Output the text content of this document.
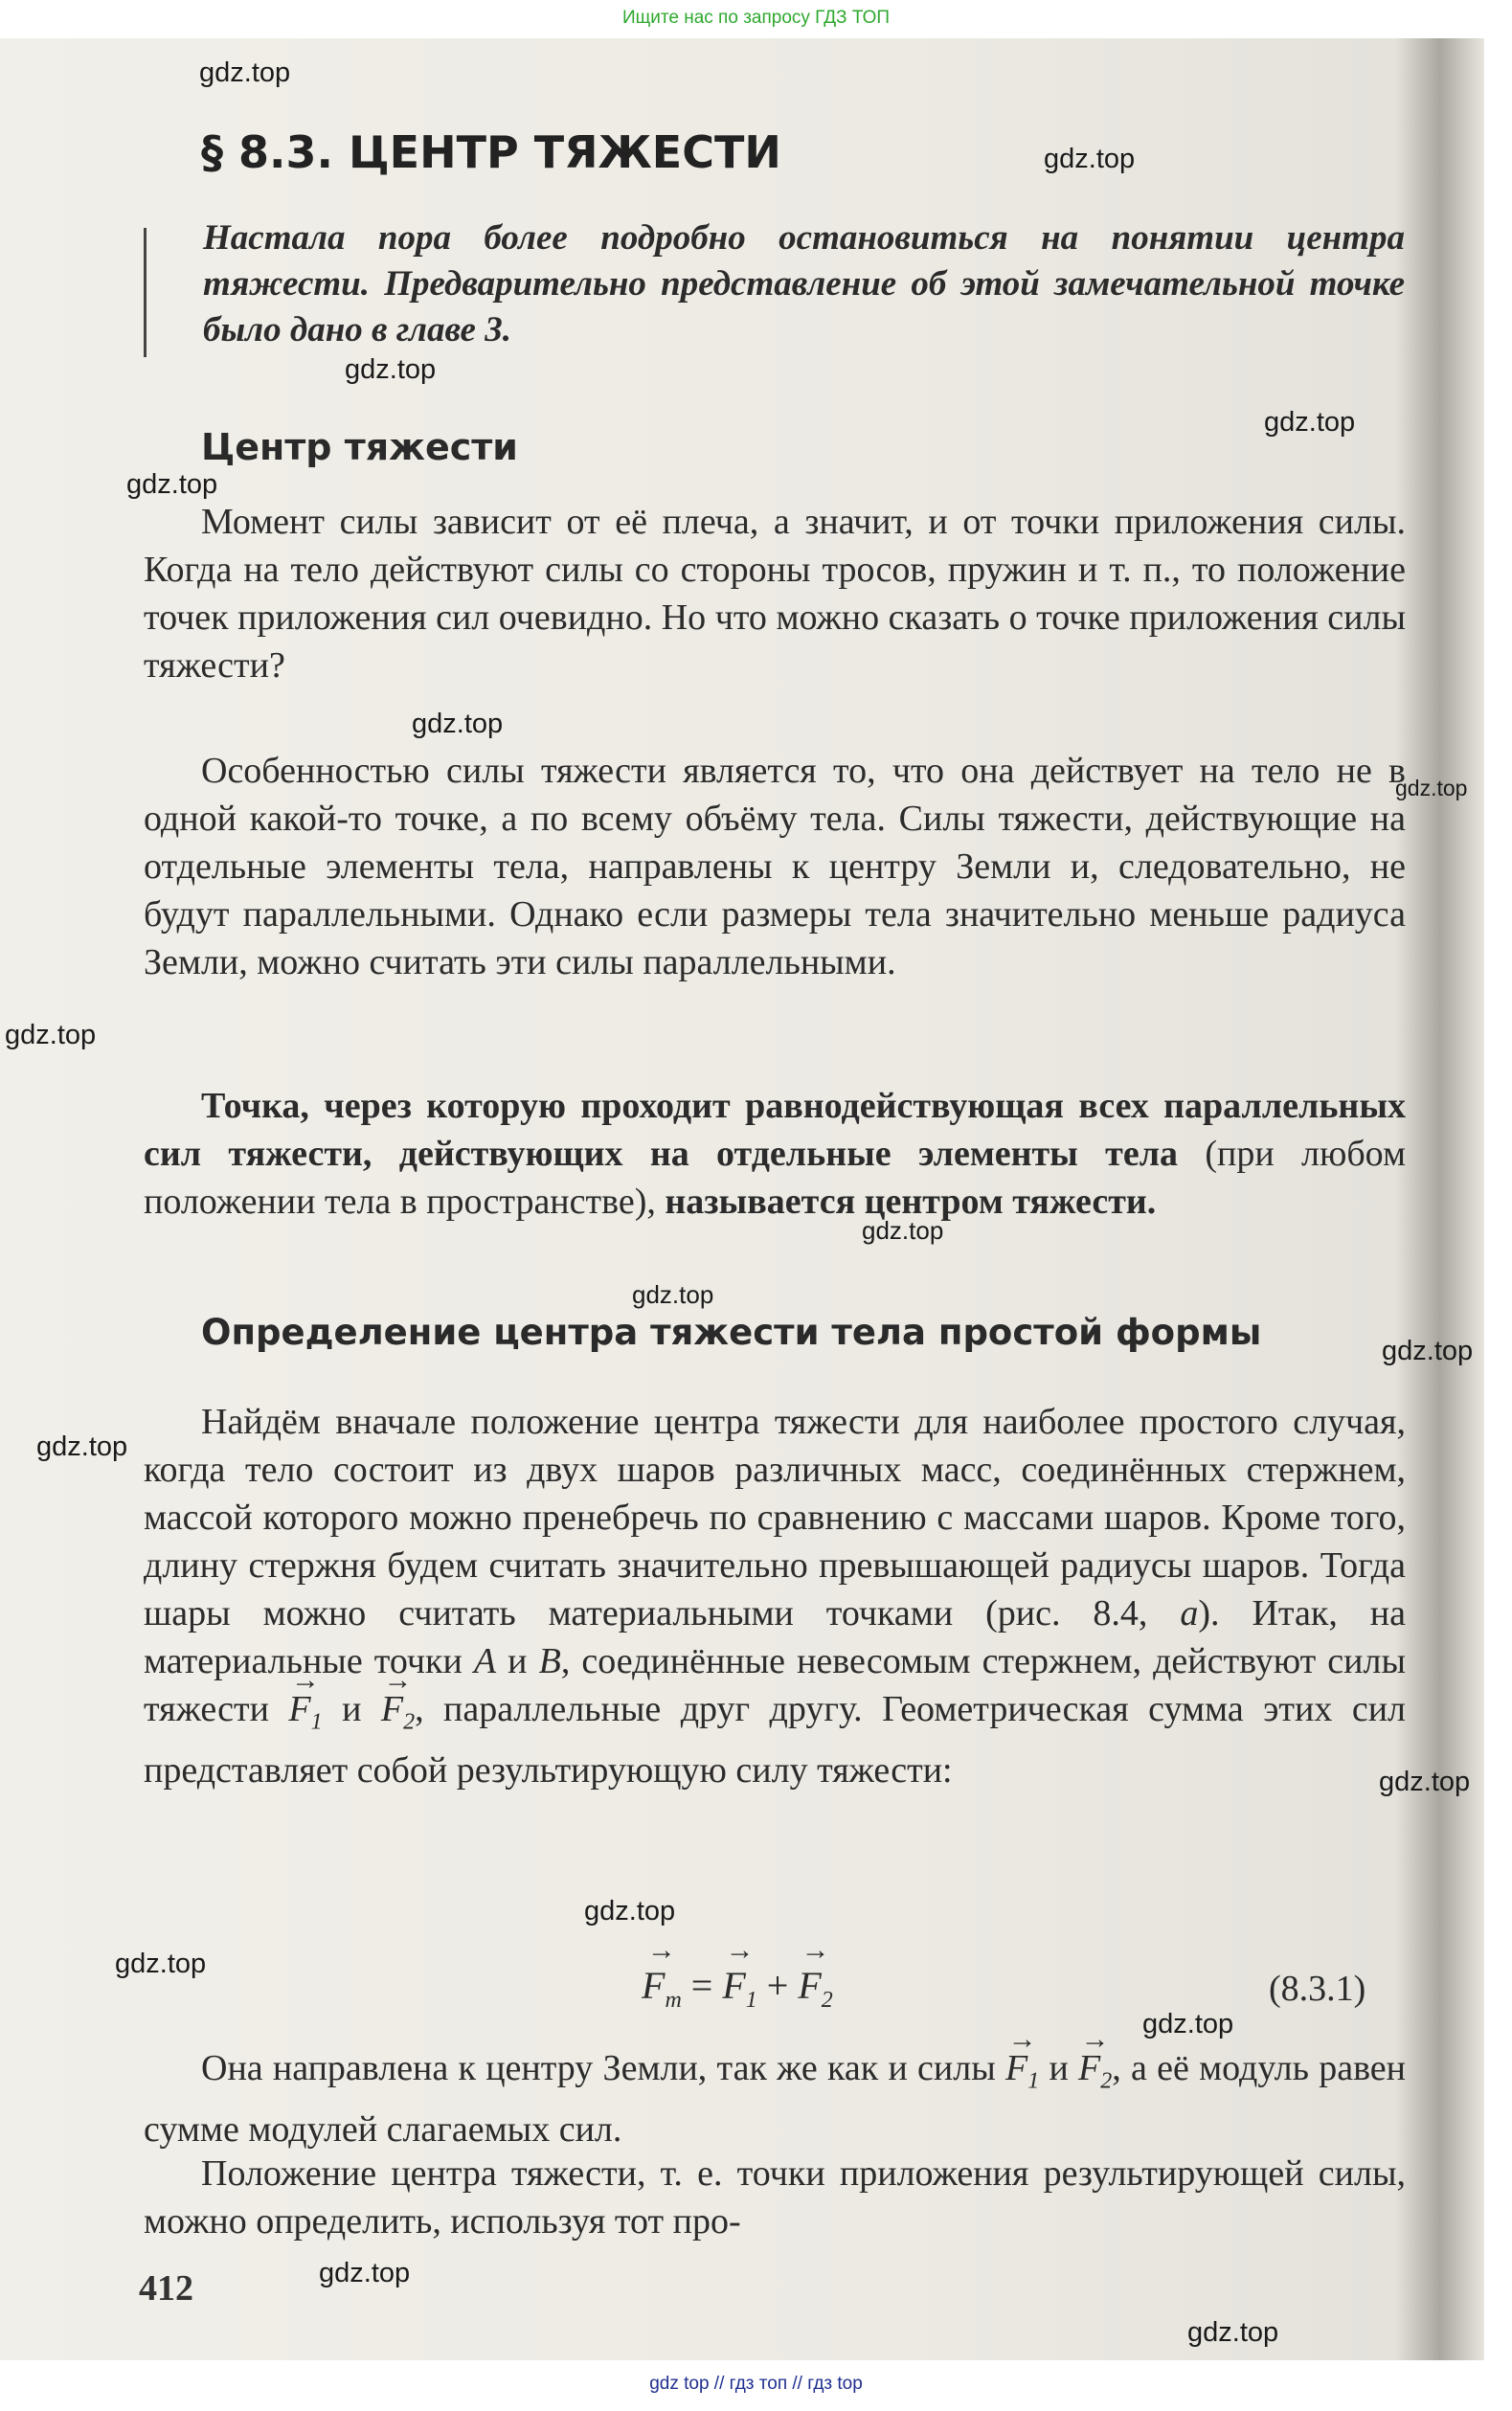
Ищите нас по запросу ГДЗ ТОП
§ 8.3. ЦЕНТР ТЯЖЕСТИ

Настала пора более подробно остановиться на понятии центра тяжести. Предварительно представление об этой замечательной точке было дано в главе 3.

Центр тяжести

Момент силы зависит от её плеча, а значит, и от точки приложения силы. Когда на тело действуют силы со стороны тросов, пружин и т. п., то положение точек приложения сил очевидно. Но что можно сказать о точке приложения силы тяжести?

Особенностью силы тяжести является то, что она действует на тело не в одной какой-то точке, а по всему объёму тела. Силы тяжести, действующие на отдельные элементы тела, направлены к центру Земли и, следовательно, не будут параллельными. Однако если размеры тела значительно меньше радиуса Земли, можно считать эти силы параллельными.

Точка, через которую проходит равнодействующая всех параллельных сил тяжести, действующих на отдельные элементы тела (при любом положении тела в пространстве), называется центром тяжести.

Определение центра тяжести тела простой формы

Найдём вначале положение центра тяжести для наиболее простого случая, когда тело состоит из двух шаров различных масс, соединённых стержнем, массой которого можно пренебречь по сравнению с массами шаров. Кроме того, длину стержня будем считать значительно превышающей радиусы шаров. Тогда шары можно считать материальными точками (рис. 8.4, а). Итак, на материальные точки A и B, соединённые невесомым стержнем, действуют силы тяжести → $F_1$ $и \to F_2$, параллельные друг другу. Геометрическая сумма этих сил представляет собой результирующую силу тяжести:

→ $F_т$ = → $F_1$ + → $F_2$	(8.3.1)

Она направлена к центру Земли, так же как и силы → $F_1$ $и \to F_2$, а её модуль равен сумме модулей слагаемых сил.

Положение центра тяжести, т. е. точки приложения результирующей силы, можно определить, используя тот про-

412

gdz.top
gdz.top
gdz.top
gdz.top
gdz.top
gdz.top
gdz.top
gdz.top
gdz.top
gdz.top
gdz.top
gdz.top
gdz.top
gdz.top
gdz.top
gdz.top
gdz.top
gdz.top
gdz top // гдз топ // гдз top
